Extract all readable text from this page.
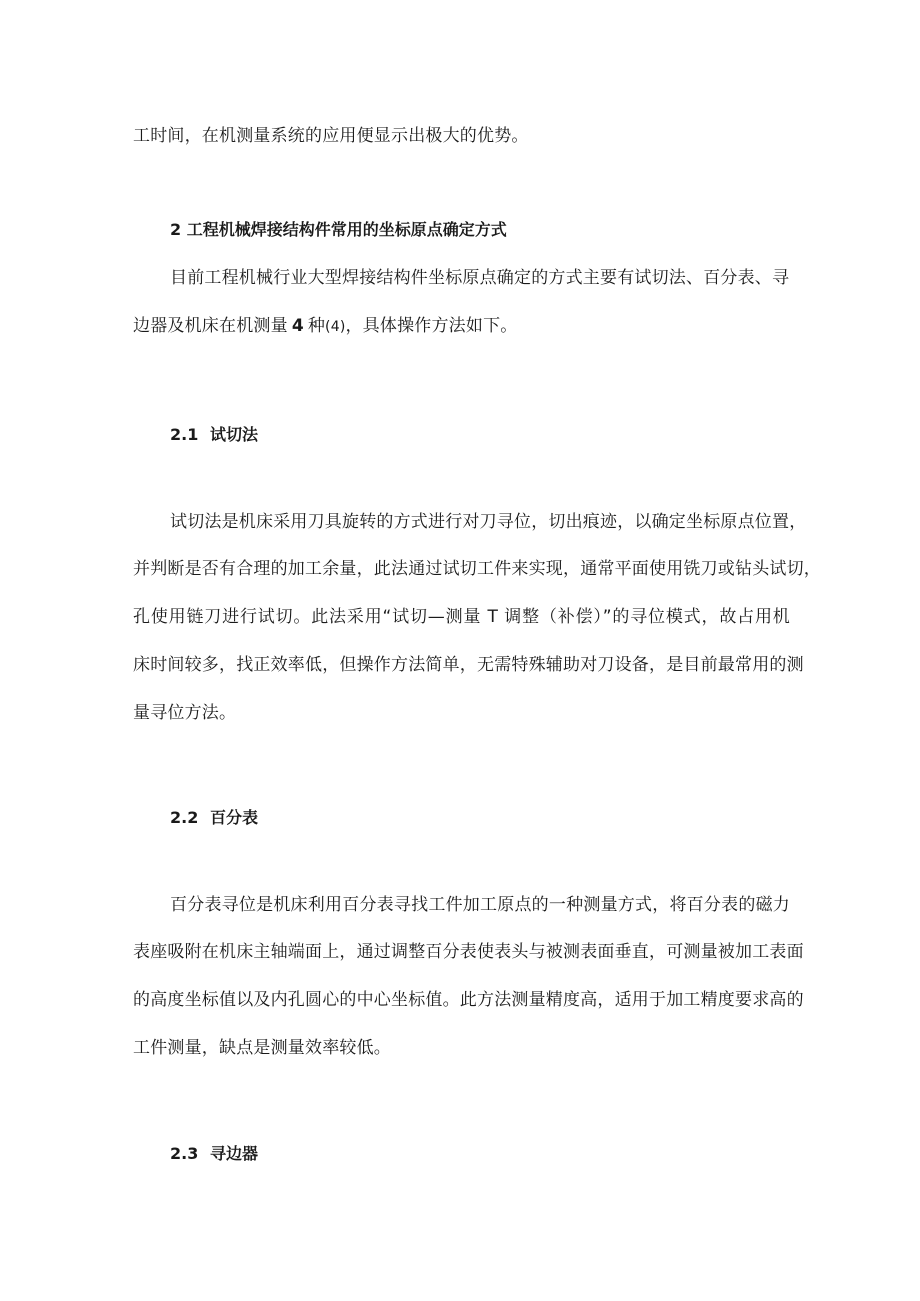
工时间，在机测量系统的应用便显示出极大的优势。
2 工程机械焊接结构件常用的坐标原点确定方式
目前工程机械行业大型焊接结构件坐标原点确定的方式主要有试切法、百分表、寻
边器及机床在机测量 4 种(4)，具体操作方法如下。
2.1 试切法
试切法是机床采用刀具旋转的方式进行对刀寻位，切出痕迹，以确定坐标原点位置，
并判断是否有合理的加工余量，此法通过试切工件来实现，通常平面使用铣刀或钻头试切，
孔使用链刀进行试切。此法采用“试切—测量 T 调整（补偿）”的寻位模式，故占用机
床时间较多，找正效率低，但操作方法简单，无需特殊辅助对刀设备，是目前最常用的测
量寻位方法。
2.2 百分表
百分表寻位是机床利用百分表寻找工件加工原点的一种测量方式，将百分表的磁力
表座吸附在机床主轴端面上，通过调整百分表使表头与被测表面垂直，可测量被加工表面
的高度坐标值以及内孔圆心的中心坐标值。此方法测量精度高，适用于加工精度要求高的
工件测量，缺点是测量效率较低。
2.3 寻边器
